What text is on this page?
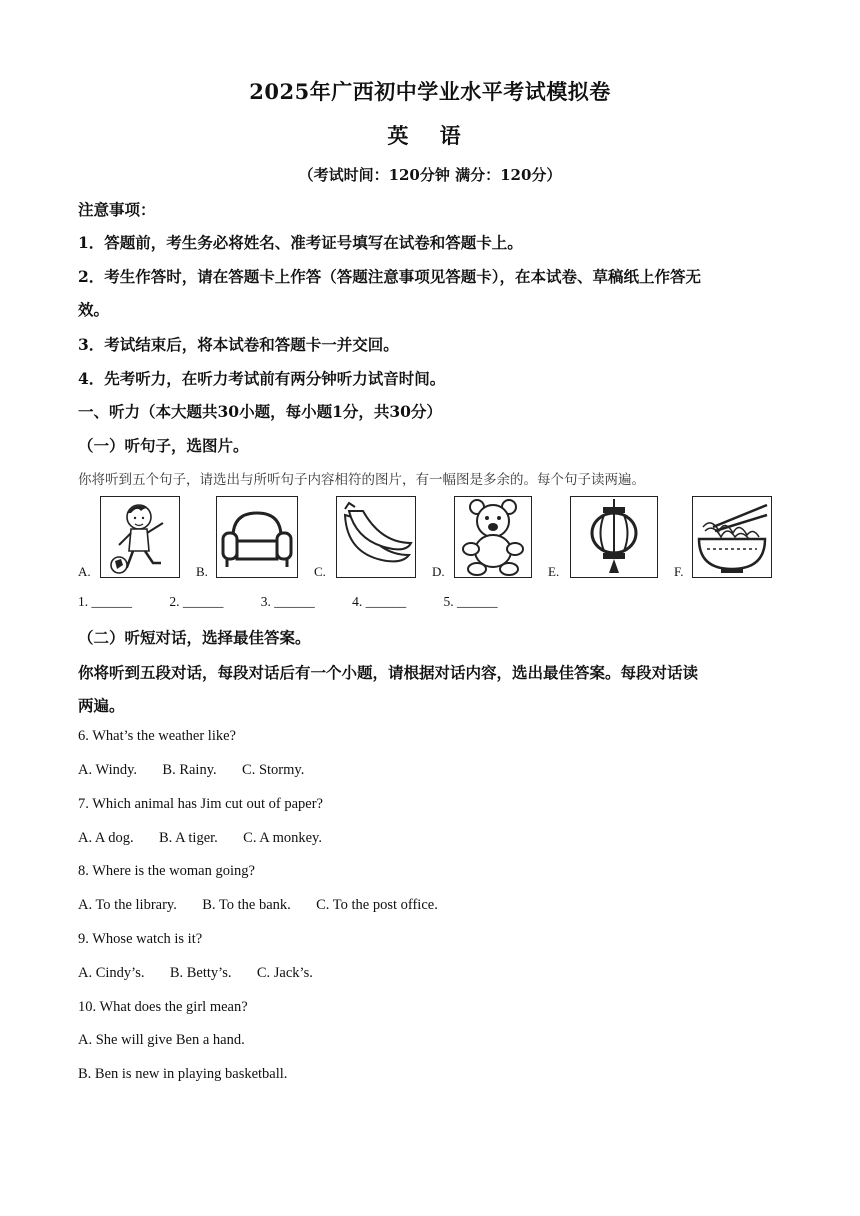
2025年广西初中学业水平考试模拟卷
英 语
（考试时间：120分钟 满分：120分）
注意事项：
1．答题前，考生务必将姓名、准考证号填写在试卷和答题卡上。
2．考生作答时，请在答题卡上作答（答题注意事项见答题卡），在本试卷、草稿纸上作答无
效。
3．考试结束后，将本试卷和答题卡一并交回。
4．先考听力，在听力考试前有两分钟听力试音时间。
一、听力（本大题共30小题，每小题1分，共30分）
（一）听句子，选图片。
你将听到五个句子，请选出与所听句子内容相符的图片，有一幅图是多余的。每个句子读两遍。
A.	B.	C.	D.	E.	F.
1. ______	2. ______	3. ______	4. ______	5. ______
（二）听短对话，选择最佳答案。
你将听到五段对话，每段对话后有一个小题，请根据对话内容，选出最佳答案。每段对话读
两遍。
6. What’s the weather like?
A. Windy.       B. Rainy.       C. Stormy.
7. Which animal has Jim cut out of paper?
A. A dog.       B. A tiger.       C. A monkey.
8. Where is the woman going?
A. To the library.       B. To the bank.       C. To the post office.
9. Whose watch is it?
A. Cindy’s.       B. Betty’s.       C. Jack’s.
10. What does the girl mean?
A. She will give Ben a hand.
B. Ben is new in playing basketball.
